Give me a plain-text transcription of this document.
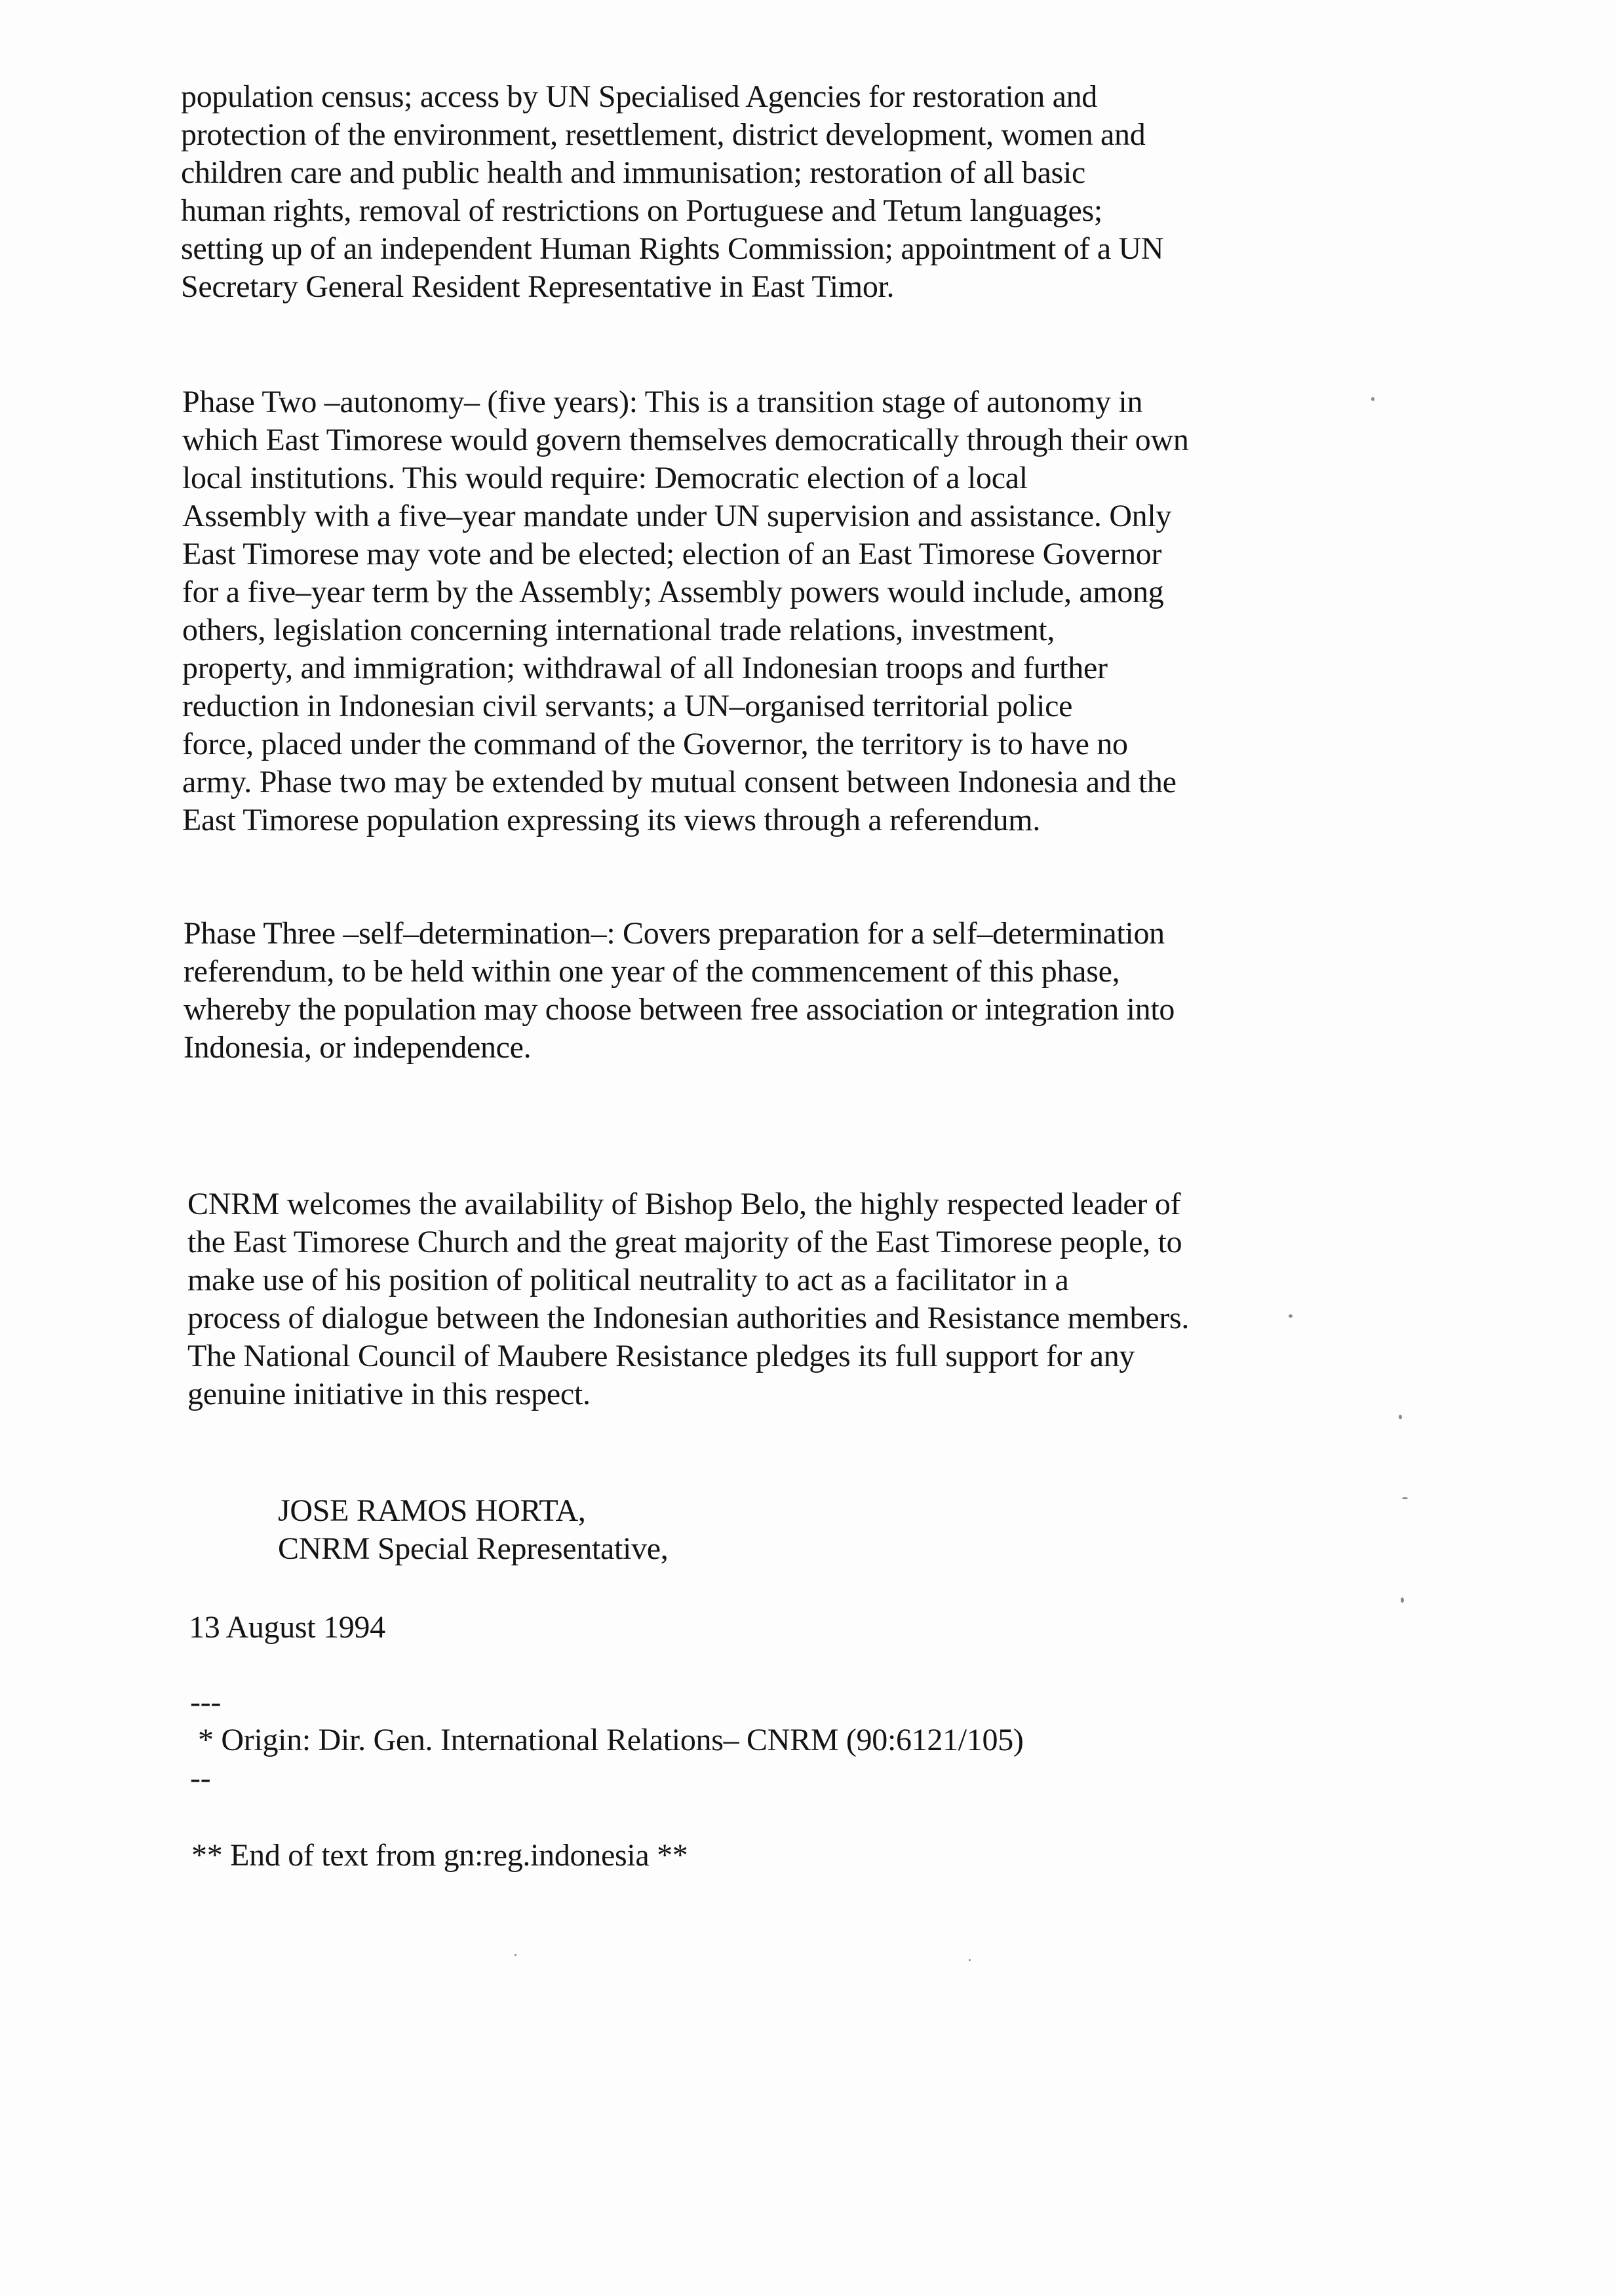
population census; access by UN Specialised Agencies for restoration and
protection of the environment, resettlement, district development, women and
children care and public health and immunisation; restoration of all basic
human rights, removal of restrictions on Portuguese and Tetum languages;
setting up of an independent Human Rights Commission; appointment of a UN
Secretary General Resident Representative in East Timor.
Phase Two –autonomy– (five years): This is a transition stage of autonomy in
which East Timorese would govern themselves democratically through their own
local institutions. This would require: Democratic election of a local
Assembly with a five–year mandate under UN supervision and assistance. Only
East Timorese may vote and be elected; election of an East Timorese Governor
for a five–year term by the Assembly; Assembly powers would include, among
others, legislation concerning international trade relations, investment,
property, and immigration; withdrawal of all Indonesian troops and further
reduction in Indonesian civil servants; a UN–organised territorial police
force, placed under the command of the Governor, the territory is to have no
army. Phase two may be extended by mutual consent between Indonesia and the
East Timorese population expressing its views through a referendum.
Phase Three –self–determination–: Covers preparation for a self–determination
referendum, to be held within one year of the commencement of this phase,
whereby the population may choose between free association or integration into
Indonesia, or independence.
CNRM welcomes the availability of Bishop Belo, the highly respected leader of
the East Timorese Church and the great majority of the East Timorese people, to
make use of his position of political neutrality to act as a facilitator in a
process of dialogue between the Indonesian authorities and Resistance members.
The National Council of Maubere Resistance pledges its full support for any
genuine initiative in this respect.
JOSE RAMOS HORTA,
CNRM Special Representative,
13 August 1994
---
* Origin: Dir. Gen. International Relations– CNRM (90:6121/105)
--
** End of text from gn:reg.indonesia **
